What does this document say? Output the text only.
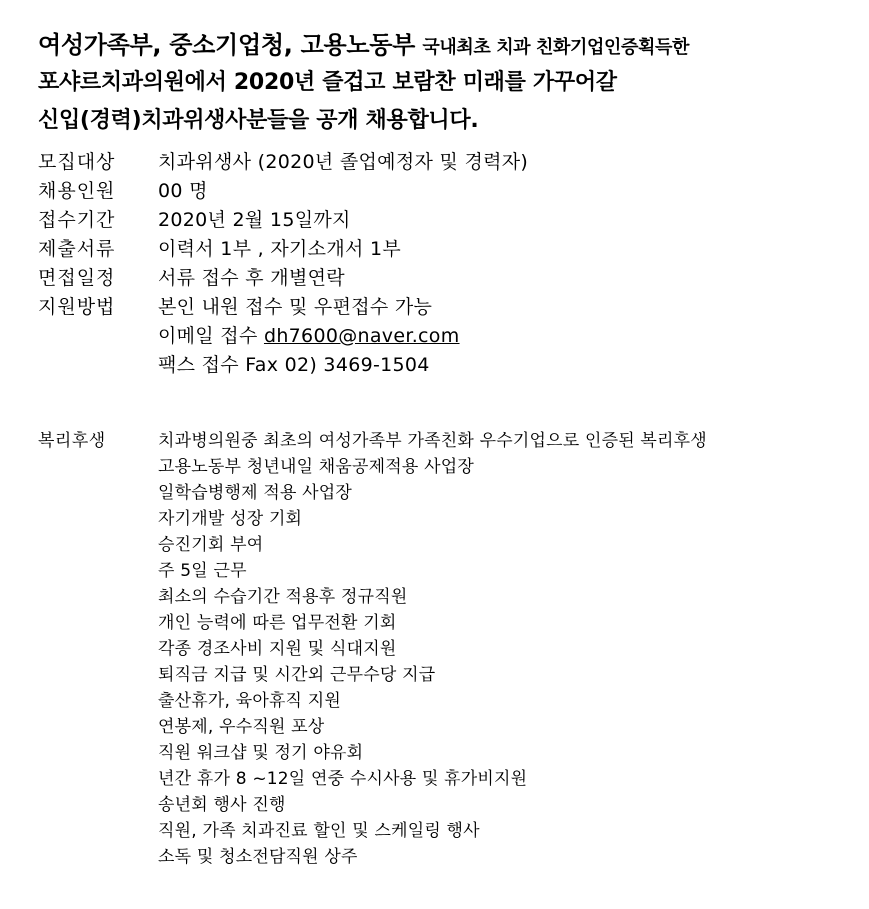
여성가족부, 중소기업청, 고용노동부 국내최초 치과 친화기업인증획득한
포샤르치과의원에서 2020년 즐겁고 보람찬 미래를 가꾸어갈
신입(경력)치과위생사분들을 공개 채용합니다.
모집대상	치과위생사 (2020년 졸업예정자 및 경력자)
채용인원	00 명
접수기간	2020년 2월 15일까지
제출서류	이력서 1부 , 자기소개서 1부
면접일정	서류 접수 후 개별연락
지원방법	본인 내원 접수 및 우편접수 가능
이메일 접수 dh7600@naver.com
팩스 접수 Fax 02) 3469-1504
복리후생	치과병의원중 최초의 여성가족부 가족친화 우수기업으로 인증된 복리후생
고용노동부 청년내일 채움공제적용 사업장
일학습병행제 적용 사업장
자기개발 성장 기회
승진기회 부여
주 5일 근무
최소의 수습기간 적용후 정규직원
개인 능력에 따른 업무전환 기회
각종 경조사비 지원 및 식대지원
퇴직금 지급 및 시간외 근무수당 지급
출산휴가, 육아휴직 지원
연봉제, 우수직원 포상
직원 워크샵 및 정기 야유회
년간 휴가 8 ~12일 연중 수시사용 및 휴가비지원
송년회 행사 진행
직원, 가족 치과진료 할인 및 스케일링 행사
소독 및 청소전담직원 상주
